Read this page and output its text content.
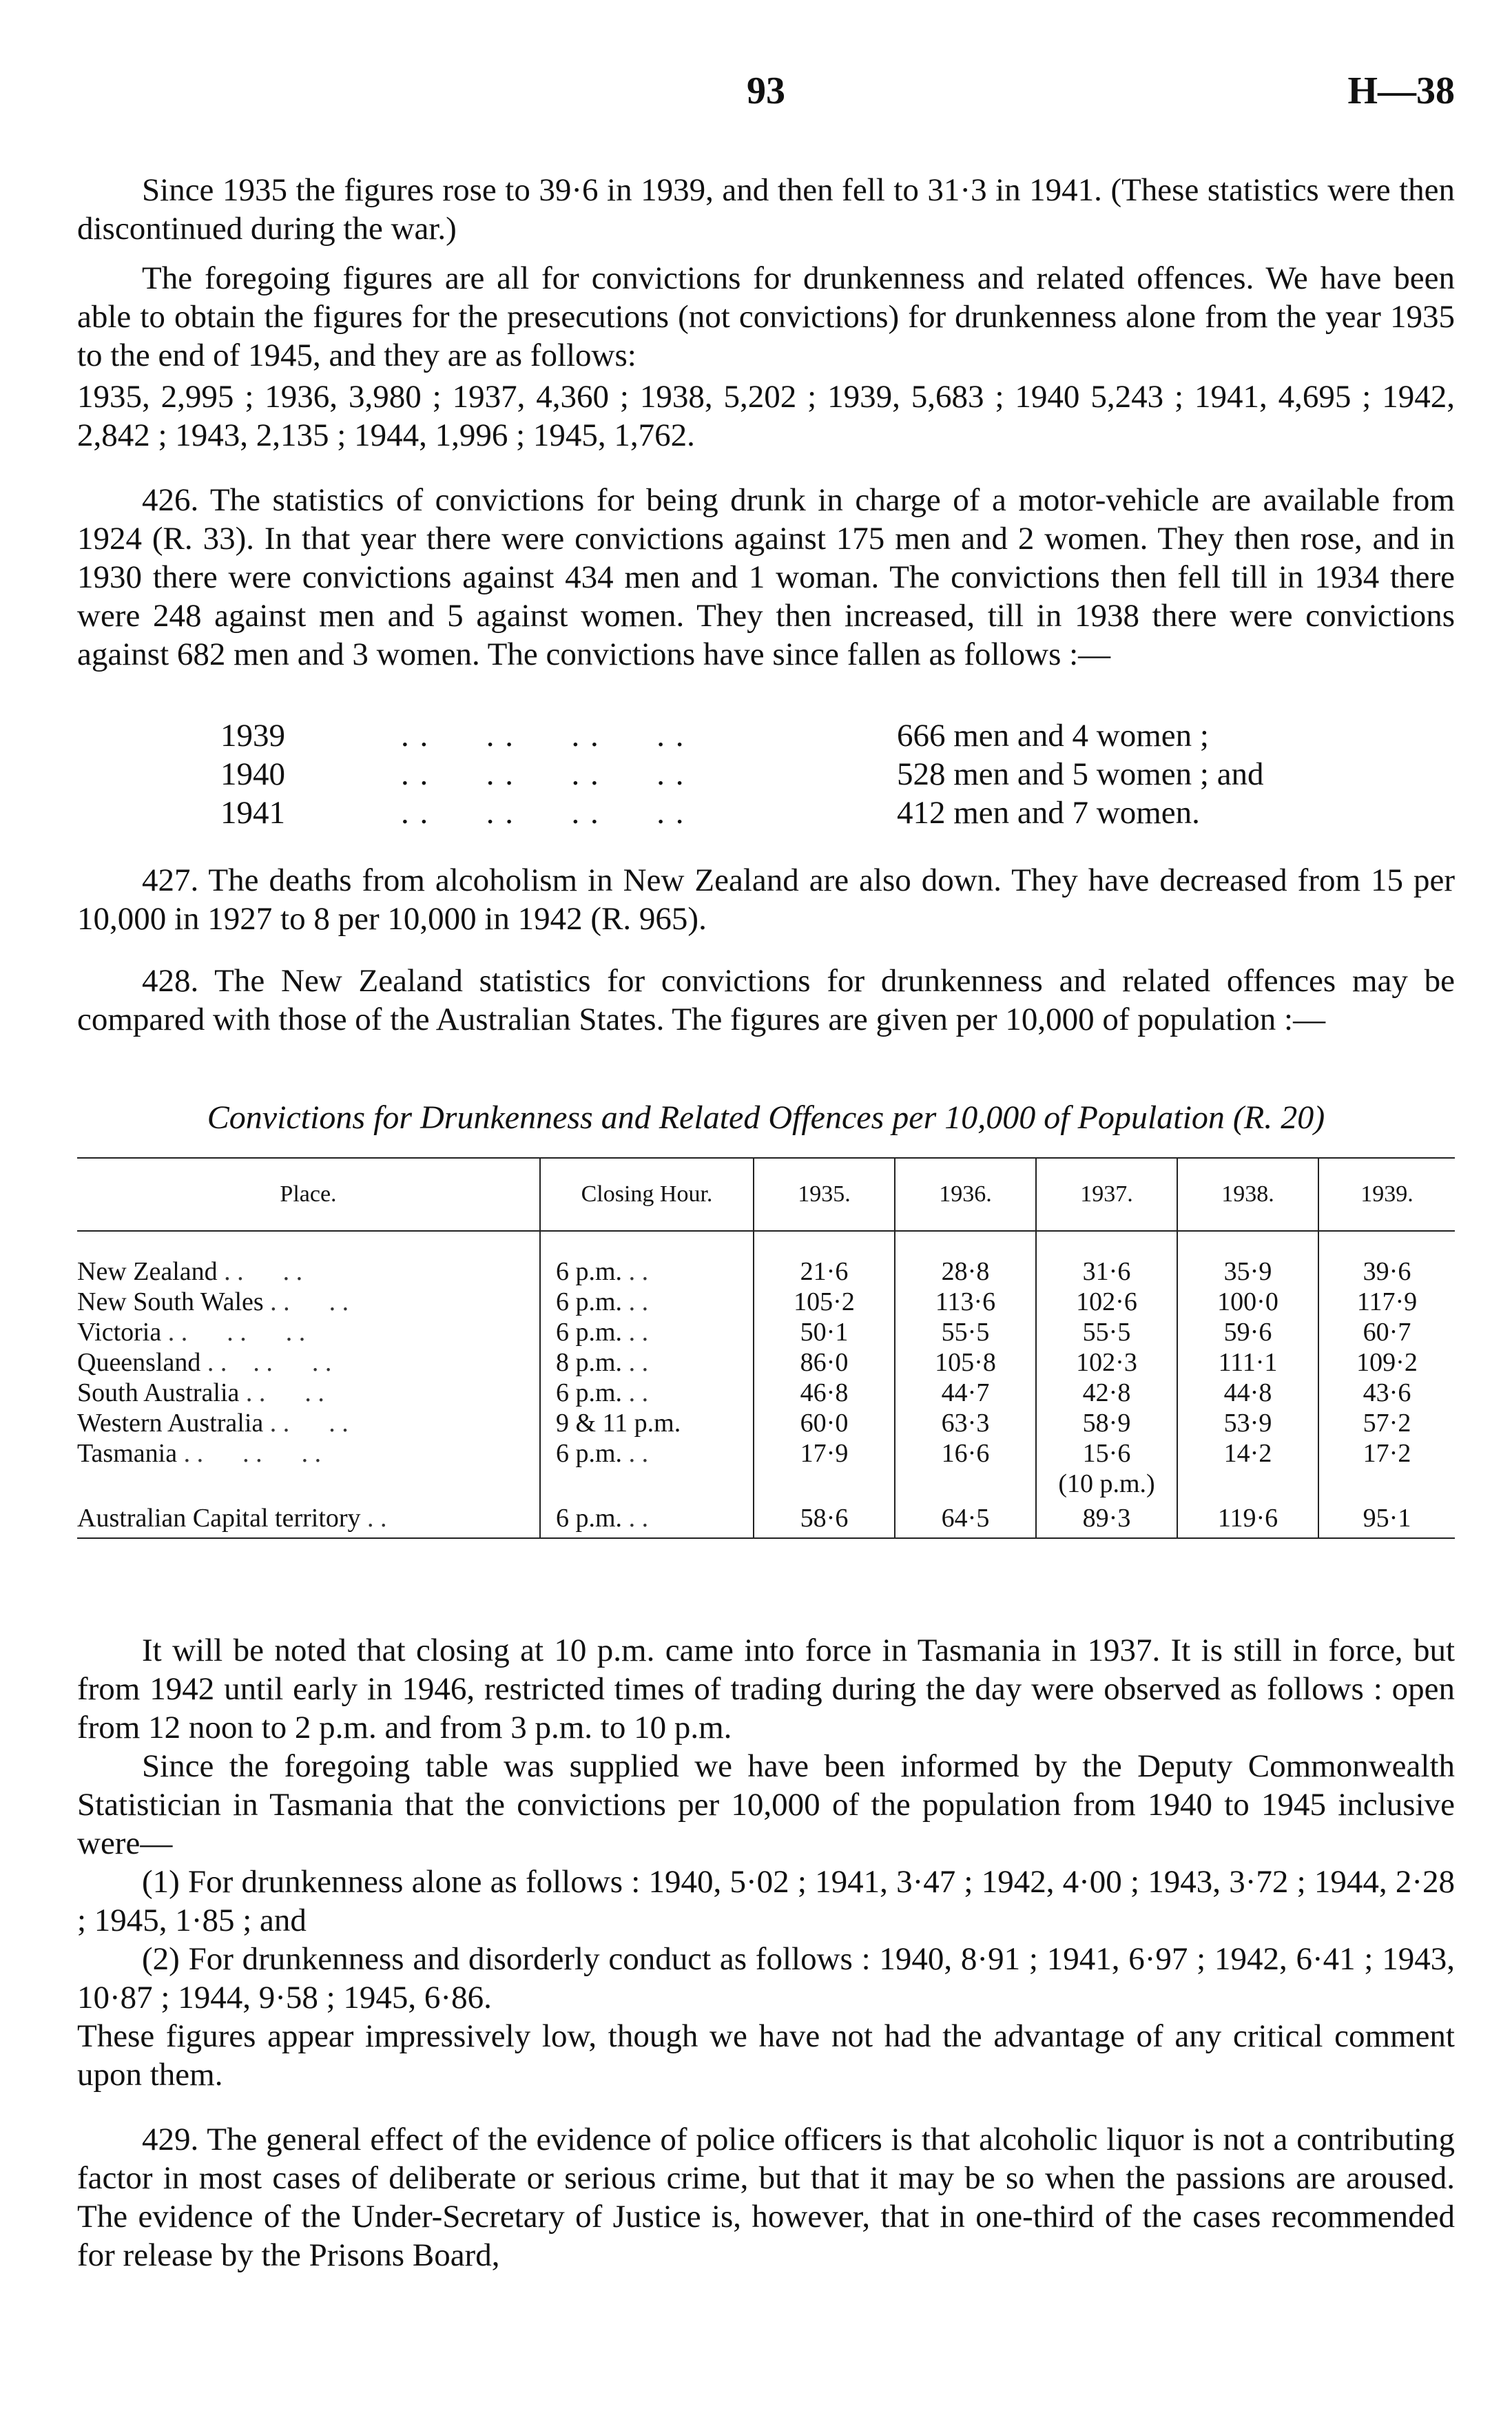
93	H—38

Since 1935 the figures rose to 39·6 in 1939, and then fell to 31·3 in 1941. (These statistics were then discontinued during the war.)

The foregoing figures are all for convictions for drunkenness and related offences. We have been able to obtain the figures for the presecutions (not convictions) for drunkenness alone from the year 1935 to the end of 1945, and they are as follows:

1935, 2,995 ; 1936, 3,980 ; 1937, 4,360 ; 1938, 5,202 ; 1939, 5,683 ; 1940 5,243 ; 1941, 4,695 ; 1942, 2,842 ; 1943, 2,135 ; 1944, 1,996 ; 1945, 1,762.

426. The statistics of convictions for being drunk in charge of a motor-vehicle are available from 1924 (R. 33). In that year there were convictions against 175 men and 2 women. They then rose, and in 1930 there were convictions against 434 men and 1 woman. The convictions then fell till in 1934 there were 248 against men and 5 against women. They then increased, till in 1938 there were convictions against 682 men and 3 women. The convictions have since fallen as follows :—

1939	. .      . .      . .      . .	666 men and 4 women ;
1940	. .      . .      . .      . .	528 men and 5 women ; and
1941	. .      . .      . .      . .	412 men and 7 women.

427. The deaths from alcoholism in New Zealand are also down. They have decreased from 15 per 10,000 in 1927 to 8 per 10,000 in 1942 (R. 965).

428. The New Zealand statistics for convictions for drunkenness and related offences may be compared with those of the Australian States. The figures are given per 10,000 of population :—

Convictions for Drunkenness and Related Offences per 10,000 of Population (R. 20)
Place.	Closing Hour.	1935.	1936.	1937.	1938.	1939.

New Zealand . .      . .	6 p.m. . .	21·6	28·8	31·6	35·9	39·6
New South Wales . .      . .	6 p.m. . .	105·2	113·6	102·6	100·0	117·9
Victoria . .      . .      . .	6 p.m. . .	50·1	55·5	55·5	59·6	60·7
Queensland . .    . .      . .	8 p.m. . .	86·0	105·8	102·3	111·1	109·2
South Australia . .      . .	6 p.m. . .	46·8	44·7	42·8	44·8	43·6
Western Australia . .      . .	9 & 11 p.m.	60·0	63·3	58·9	53·9	57·2
Tasmania . .      . .      . .	6 p.m. . .	17·9	16·6	15·6	14·2	17·2
				(10 p.m.)		
Australian Capital territory . .	6 p.m. . .	58·6	64·5	89·3	119·6	95·1

It will be noted that closing at 10 p.m. came into force in Tasmania in 1937. It is still in force, but from 1942 until early in 1946, restricted times of trading during the day were observed as follows : open from 12 noon to 2 p.m. and from 3 p.m. to 10 p.m.

Since the foregoing table was supplied we have been informed by the Deputy Commonwealth Statistician in Tasmania that the convictions per 10,000 of the population from 1940 to 1945 inclusive were—

(1) For drunkenness alone as follows : 1940, 5·02 ; 1941, 3·47 ; 1942, 4·00 ; 1943, 3·72 ; 1944, 2·28 ; 1945, 1·85 ; and

(2) For drunkenness and disorderly conduct as follows : 1940, 8·91 ; 1941, 6·97 ; 1942, 6·41 ; 1943, 10·87 ; 1944, 9·58 ; 1945, 6·86.

These figures appear impressively low, though we have not had the advantage of any critical comment upon them.

429. The general effect of the evidence of police officers is that alcoholic liquor is not a contributing factor in most cases of deliberate or serious crime, but that it may be so when the passions are aroused. The evidence of the Under-Secretary of Justice is, however, that in one-third of the cases recommended for release by the Prisons Board,
